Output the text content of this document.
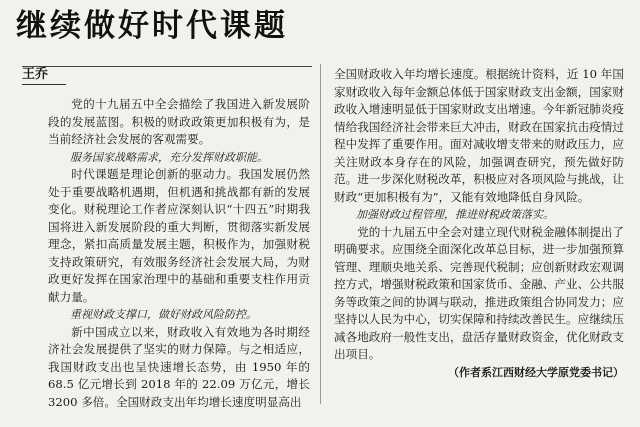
继续做好时代课题
王乔

党的十九届五中全会描绘了我国进入新发展阶段的发展蓝图。积极的财政政策更加积极有为，是当前经济社会发展的客观需要。

服务国家战略需求，充分发挥财政职能。

时代课题是理论创新的驱动力。我国发展仍然处于重要战略机遇期，但机遇和挑战都有新的发展变化。财税理论工作者应深刻认识“十四五”时期我国将进入新发展阶段的重大判断，贯彻落实新发展理念，紧扣高质量发展主题，积极作为，加强财税支持政策研究，有效服务经济社会发展大局，为财政更好发挥在国家治理中的基础和重要支柱作用贡献力量。

重视财政支撑口，做好财政风险防控。

新中国成立以来，财政收入有效地为各时期经济社会发展提供了坚实的财力保障。与之相适应，我国财政支出也呈快速增长态势，由 1950 年的 68.5 亿元增长到 2018 年的 22.09 万亿元，增长 3200 多倍。全国财政支出年均增长速度明显高出

全国财政收入年均增长速度。根据统计资料，近 10 年国家财政收入每年金额总体低于国家财政支出金额，国家财政收入增速明显低于国家财政支出增速。今年新冠肺炎疫情给我国经济社会带来巨大冲击，财政在国家抗击疫情过程中发挥了重要作用。面对减收增支带来的财政压力，应关注财政本身存在的风险，加强调查研究，预先做好防范。进一步深化财税改革，积极应对各项风险与挑战，让财政“更加积极有为”，又能有效地降低自身风险。

加强财政过程管理，推进财税政策落实。

党的十九届五中全会对建立现代财税金融体制提出了明确要求。应围绕全面深化改革总目标，进一步加强预算管理、理顺央地关系、完善现代税制；应创新财政宏观调控方式，增强财税政策和国家货币、金融、产业、公共服务等政策之间的协调与联动，推进政策组合协同发力；应坚持以人民为中心，切实保障和持续改善民生。应继续压减各地政府一般性支出，盘活存量财政资金，优化财政支出项目。

（作者系江西财经大学原党委书记）
